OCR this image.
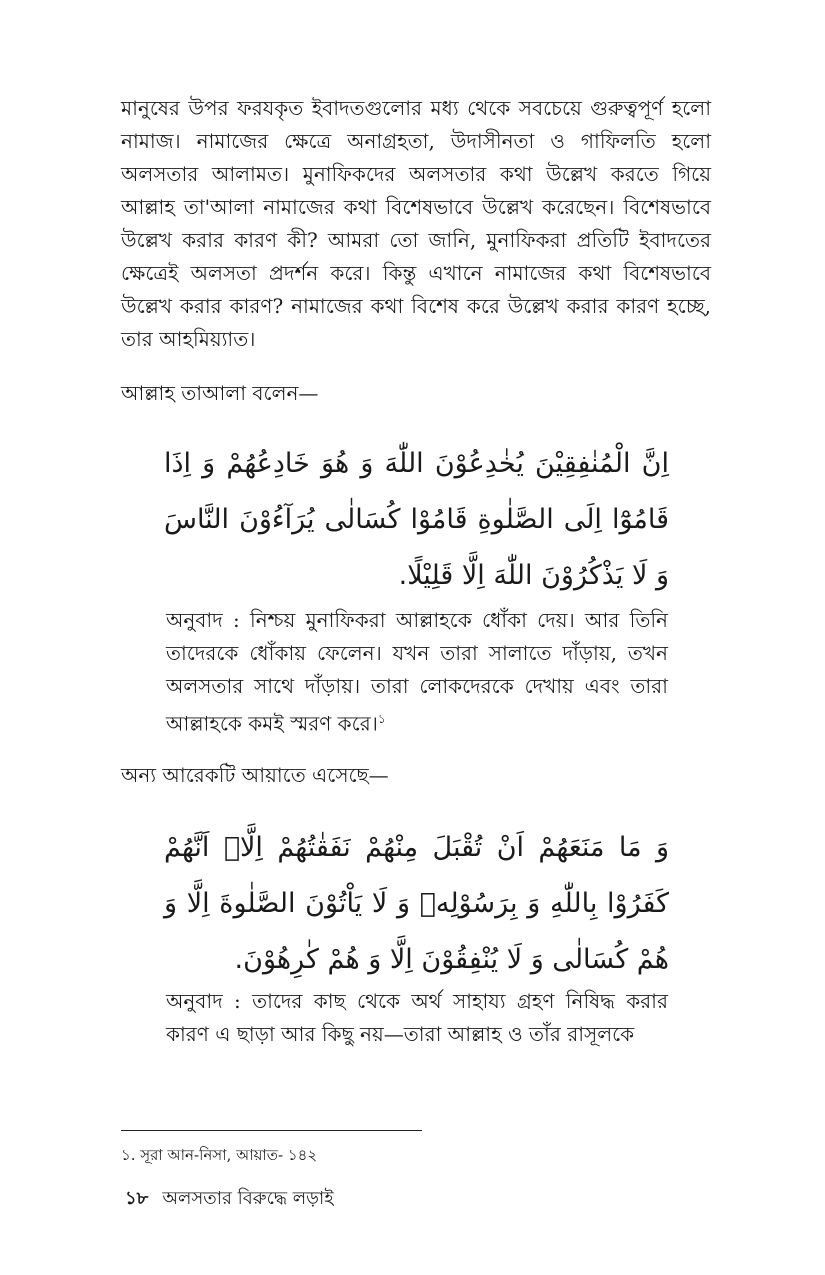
মানুষের উপর ফরযকৃত ইবাদতগুলোর মধ্য থেকে সবচেয়ে গুরুত্বপূর্ণ হলো নামাজ। নামাজের ক্ষেত্রে অনাগ্রহতা, উদাসীনতা ও গাফিলতি হলো অলসতার আলামত। মুনাফিকদের অলসতার কথা উল্লেখ করতে গিয়ে আল্লাহ তা'আলা নামাজের কথা বিশেষভাবে উল্লেখ করেছেন। বিশেষভাবে উল্লেখ করার কারণ কী? আমরা তো জানি, মুনাফিকরা প্রতিটি ইবাদতের ক্ষেত্রেই অলসতা প্রদর্শন করে। কিন্তু এখানে নামাজের কথা বিশেষভাবে উল্লেখ করার কারণ? নামাজের কথা বিশেষ করে উল্লেখ করার কারণ হচ্ছে, তার আহমিয়্যাত।

আল্লাহ তাআলা বলেন—

اِنَّ الْمُنٰفِقِيْنَ يُخٰدِعُوْنَ اللّٰهَ وَ هُوَ خَادِعُهُمْ وَ اِذَا قَامُوْٓا اِلَى الصَّلٰوةِ قَامُوْا كُسَالٰى يُرَآءُوْنَ النَّاسَ وَ لَا يَذْكُرُوْنَ اللّٰهَ اِلَّا قَلِيْلًا.

অনুবাদ : নিশ্চয় মুনাফিকরা আল্লাহকে ধোঁকা দেয়। আর তিনি তাদেরকে ধোঁকায় ফেলেন। যখন তারা সালাতে দাঁড়ায়, তখন অলসতার সাথে দাঁড়ায়। তারা লোকদেরকে দেখায় এবং তারা আল্লাহকে কমই স্মরণ করে।$^১$

অন্য আরেকটি আয়াতে এসেছে—

وَ مَا مَنَعَهُمْ اَنْ تُقْبَلَ مِنْهُمْ نَفَقٰتُهُمْ اِلَّاۤ اَنَّهُمْ كَفَرُوْا بِاللّٰهِ وَ بِرَسُوْلِهٖ وَ لَا يَاْتُوْنَ الصَّلٰوةَ اِلَّا وَ هُمْ كُسَالٰى وَ لَا يُنْفِقُوْنَ اِلَّا وَ هُمْ كٰرِهُوْنَ.

অনুবাদ : তাদের কাছ থেকে অর্থ সাহায্য গ্রহণ নিষিদ্ধ করার কারণ এ ছাড়া আর কিছু নয়—তারা আল্লাহ ও তাঁর রাসূলকে

১. সূরা আন-নিসা, আয়াত- ১৪২

১৮ অলসতার বিরুদ্ধে লড়াই
